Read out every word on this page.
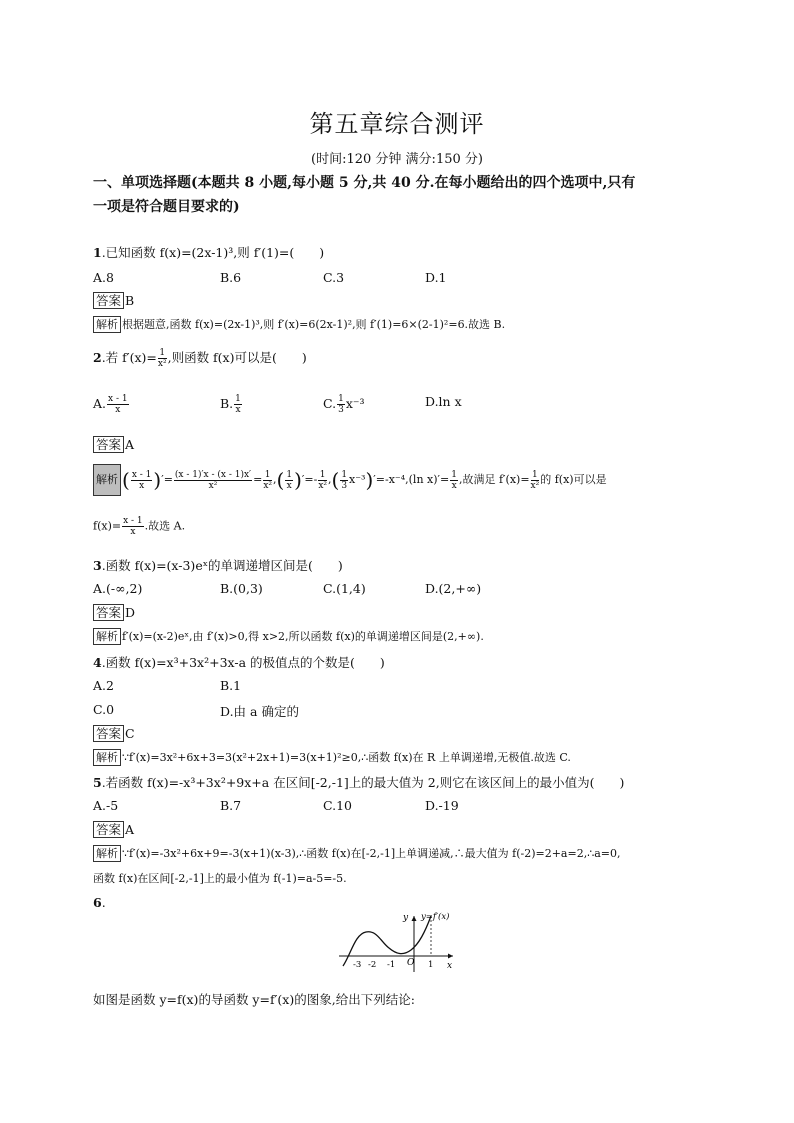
第五章综合测评
(时间:120 分钟 满分:150 分)
一、单项选择题(本题共 8 小题,每小题 5 分,共 40 分.在每小题给出的四个选项中,只有
一项是符合题目要求的)
1.已知函数 f(x)=(2x-1)³,则 f′(1)=(　　)
A.8	B.6	C.3	D.1
答案 B
解析 根据题意,函数 f(x)=(2x-1)³,则 f′(x)=6(2x-1)²,则 f′(1)=6×(2-1)²=6.故选 B.
2.若 $f'(x)= \frac{1}{\text{x²}}$ ,则函数 f(x)可以是(　　)
A. $\frac{x - 1}{x}$	B. $\frac{1}{x}$	C. $\frac{1}{3} x^{-3}$	D.ln x
答案 A
解析 ( $\frac{x - 1}{x}$ )′= $\frac{(x - 1)'x - (x - 1)x'}{\text{x²}} = \frac{1}{\text{x²}}$ ,( $\frac{1}{x}$ )′=- $\frac{1}{\text{x²}}$ ,( $\frac{1}{3} x^{-3})'=-x^{-4},(\ln$ $x)'= \frac{1}{x}$ ,故满足 $f'(x)= \frac{1}{\text{x²}}$ 的 f(x)可以是
$f(x)= \frac{x - 1}{x}$ .故选 A.
3.函数 f(x)=(x-3)eˣ的单调递增区间是(　　)
A.(-∞,2)	B.(0,3)	C.(1,4)	D.(2,+∞)
答案 D
解析 f′(x)=(x-2)eˣ,由 f′(x)>0,得 x>2,所以函数 f(x)的单调递增区间是(2,+∞).
4.函数 f(x)=x³+3x²+3x-a 的极值点的个数是(　　)
A.2	B.1
C.0	D.由 a 确定的
答案 C
解析 ∵f′(x)=3x²+6x+3=3(x²+2x+1)=3(x+1)²≥0,∴函数 f(x)在 R 上单调递增,无极值.故选 C.
5.若函数 f(x)=-x³+3x²+9x+a 在区间[-2,-1]上的最大值为 2,则它在该区间上的最小值为(　　)
A.-5	B.7	C.10	D.-19
答案 A
解析 ∵f′(x)=-3x²+6x+9=-3(x+1)(x-3),∴函数 f(x)在[-2,-1]上单调递减,∴最大值为 f(-2)=2+a=2,∴a=0,
函数 f(x)在区间[-2,-1]上的最小值为 f(-1)=a-5=-5.
6.
y y=f′(x)
x
O
-3 -2 -1	1
如图是函数 y=f(x)的导函数 y=f′(x)的图象,给出下列结论:
